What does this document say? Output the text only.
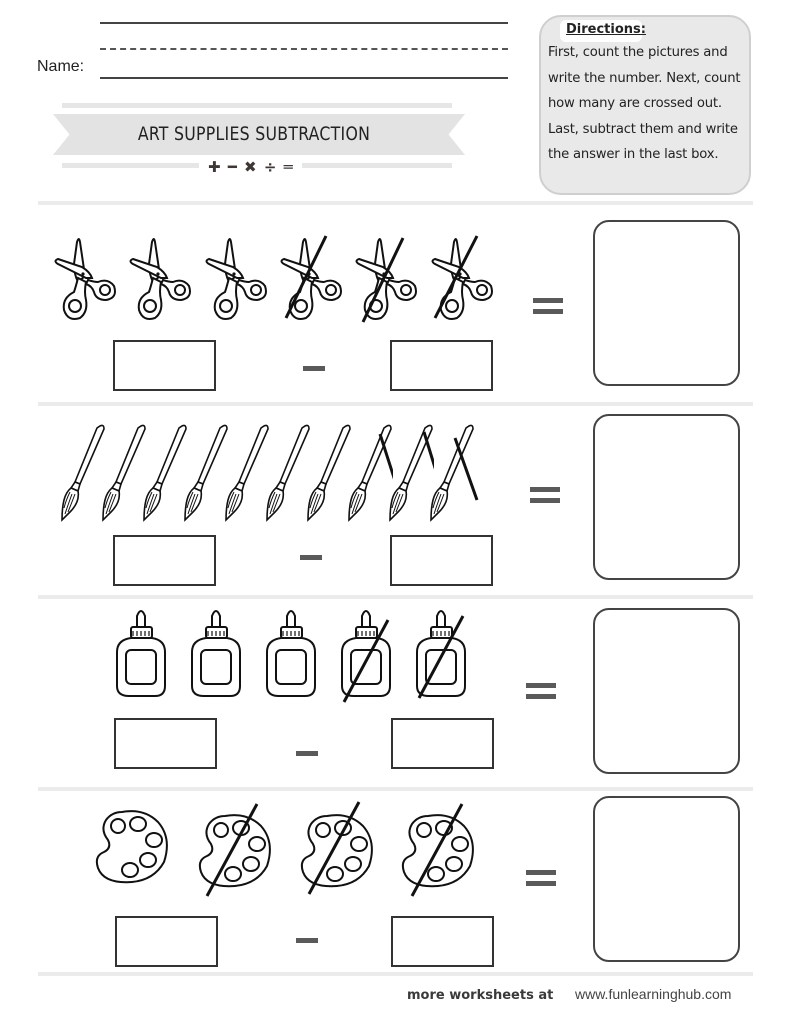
Name:
ART SUPPLIES SUBTRACTION
✚ ━ ✖ ÷ ═
Directions:
First, count the pictures and write the number. Next, count how many are crossed out. Last, subtract them and write the answer in the last box.
more worksheets at www.funlearninghub.com
